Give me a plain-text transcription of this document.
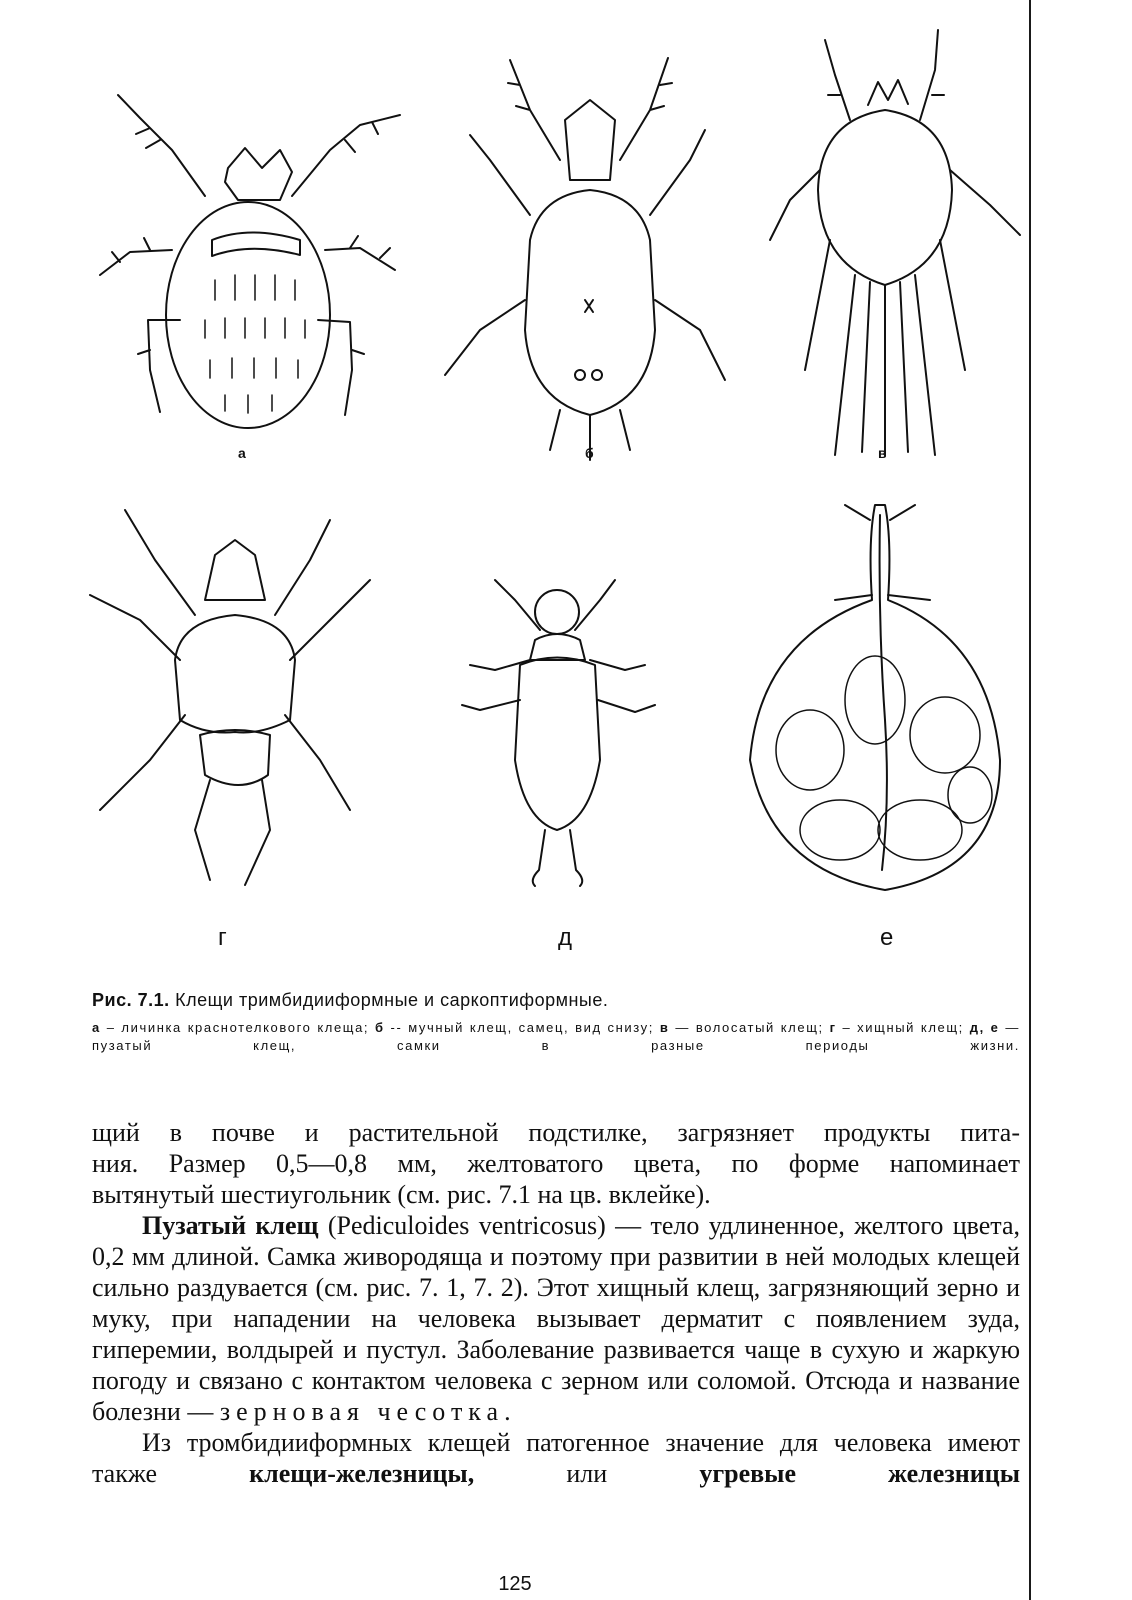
а	б	в
г	д	е
Рис. 7.1. Клещи тримбидииформные и саркоптиформные.
а – личинка краснотелкового клеща; б -- мучный клещ, самец, вид снизу; в — волосатый клещ; г – хищный клещ; д, е — пузатый клещ, самки в разные периоды жизни.

щий в почве и растительной подстилке, загрязняет продукты пита-

ния. Размер 0,5—0,8 мм, желтоватого цвета, по форме напоминает

вытянутый шестиугольник (см. рис. 7.1 на цв. вклейке).

Пузатый клещ (Pediculoides ventricosus) — тело удлиненное, желтого цвета, 0,2 мм длиной. Самка живородяща и поэтому при развитии в ней молодых клещей сильно раздувается (см. рис. 7. 1, 7. 2). Этот хищный клещ, загрязняющий зерно и муку, при нападении на человека вызывает дерматит с появлением зуда, гиперемии, волдырей и пустул. Заболевание развивается чаще в сухую и жаркую погоду и связано с контактом человека с зерном или соломой. Отсюда и название болезни — зерновая чесотка.

Из тромбидииформных клещей патогенное значение для человека имеют также	клещи-железницы,	или	угревые железницы

125
